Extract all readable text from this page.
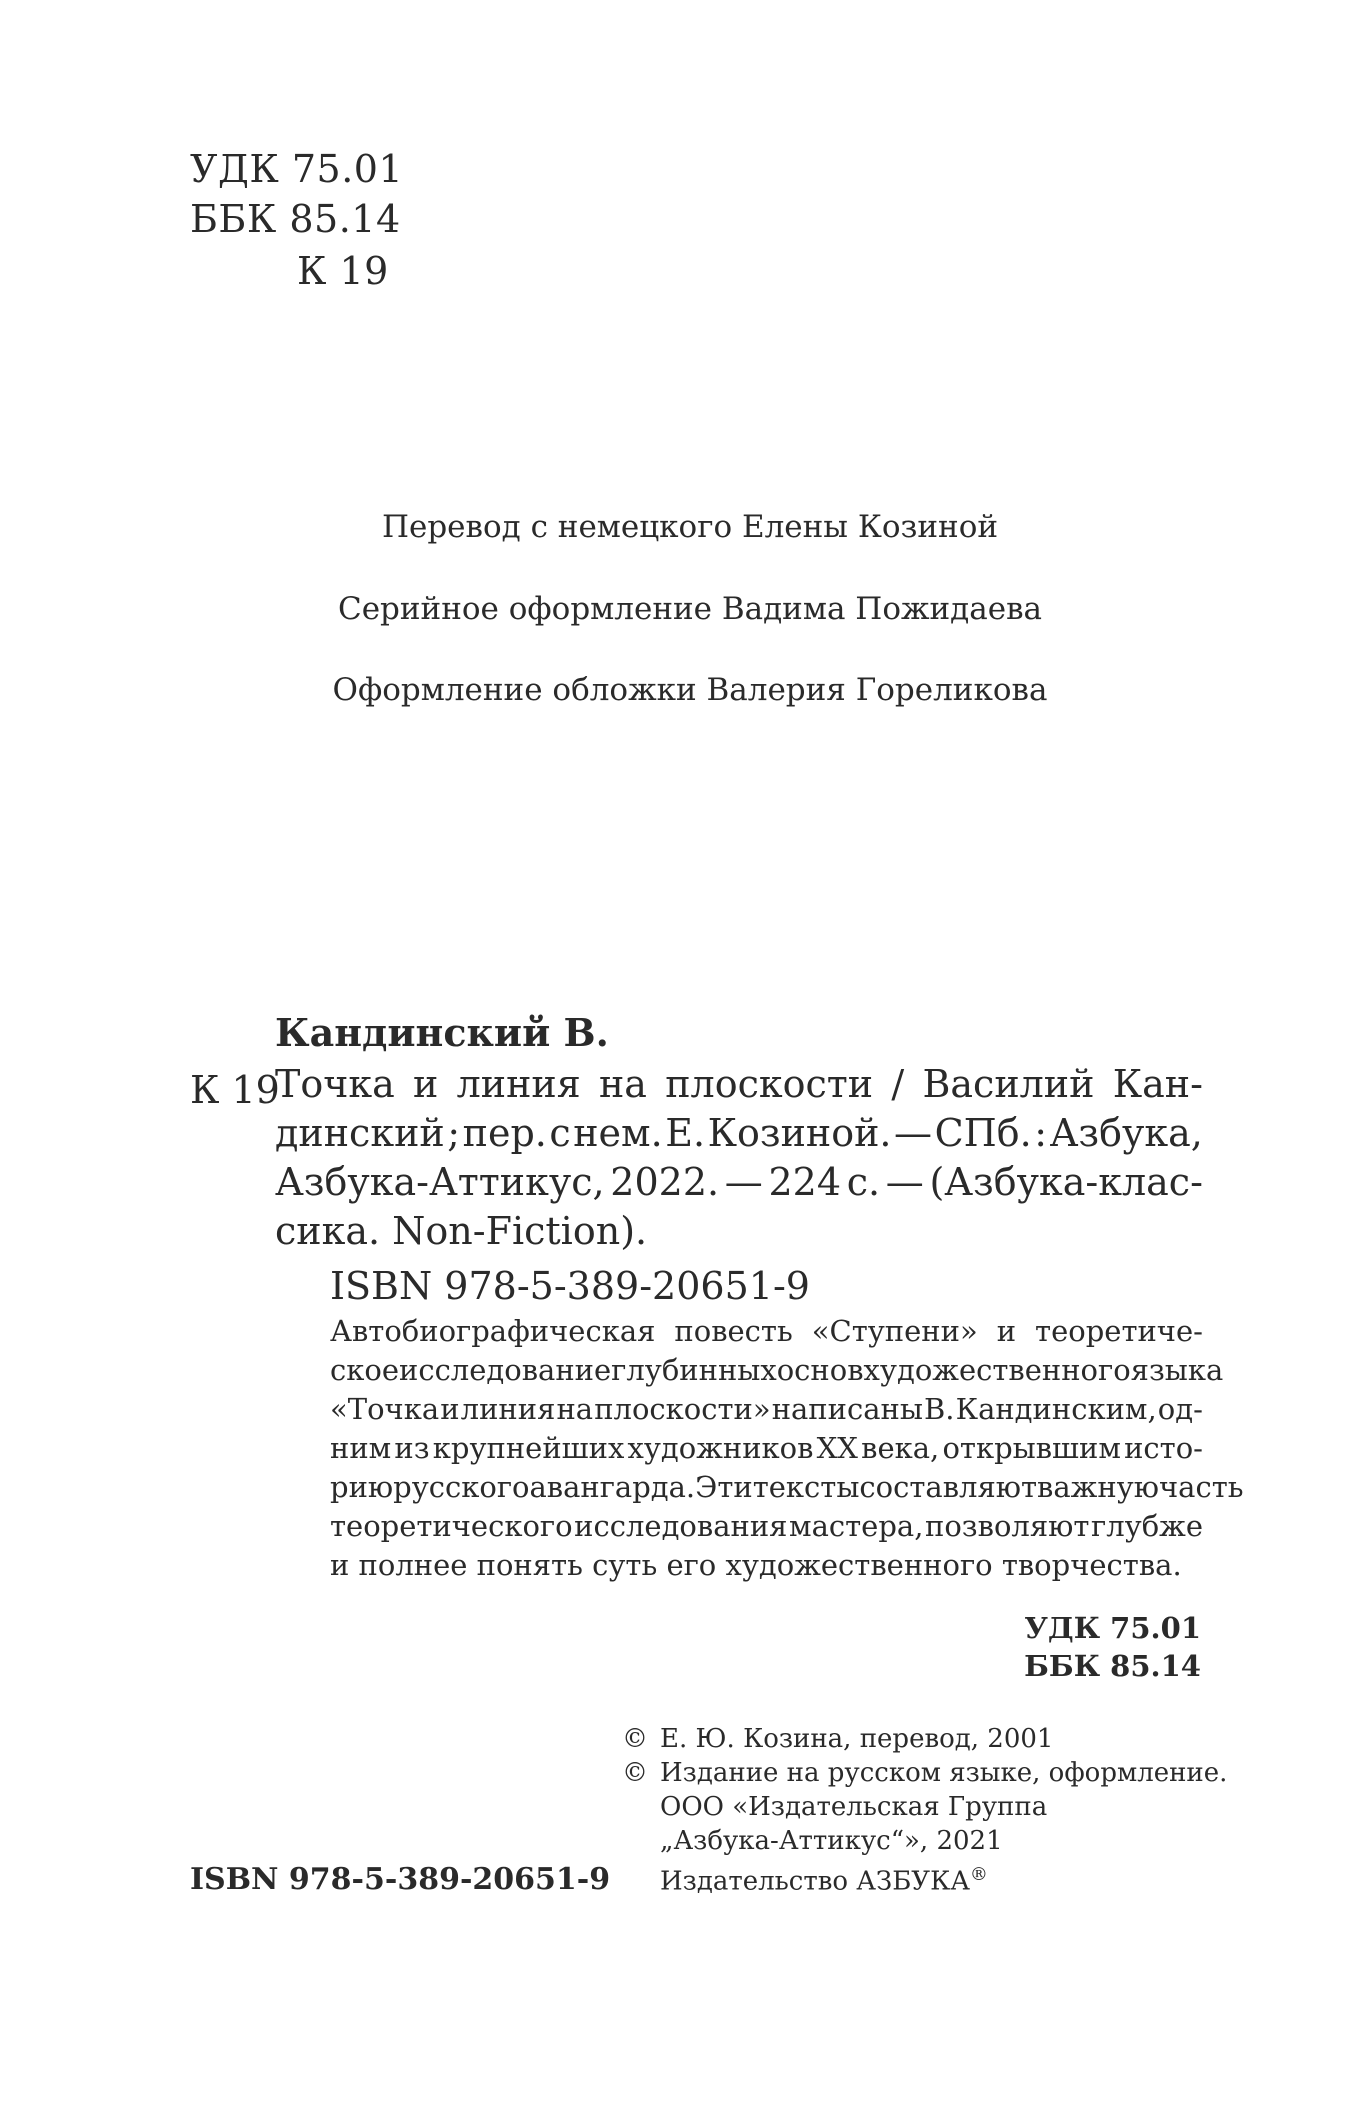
УДК 75.01
ББК 85.14
К 19
Перевод с немецкого Елены Козиной
Серийное оформление Вадима Пожидаева
Оформление обложки Валерия Гореликова
Кандинский В.
К 19
Точка и линия на плоскости / Василий Кан-
динский ; пер. с нем. Е. Козиной. — СПб. : Азбука,
Азбука-Аттикус, 2022. — 224 с. — (Азбука-клас-
сика. Non-Fiction).
ISBN 978-5-389-20651-9
Автобиографическая повесть «Ступени» и теоретиче-
ское исследование глубинных основ художественного языка
«Точка и линия на плоскости» написаны В. Кандинским, од-
ним из крупнейших художников XX века, открывшим исто-
рию русского авангарда. Эти тексты составляют важную часть
теоретического исследования мастера, позволяют глубже
и полнее понять суть его художественного творчества.
УДК 75.01
ББК 85.14
© Е. Ю. Козина, перевод, 2001
© Издание на русском языке, оформление.
ООО «Издательская Группа
„Азбука-Аттикус“», 2021
Издательство АЗБУКА®
ISBN 978-5-389-20651-9
